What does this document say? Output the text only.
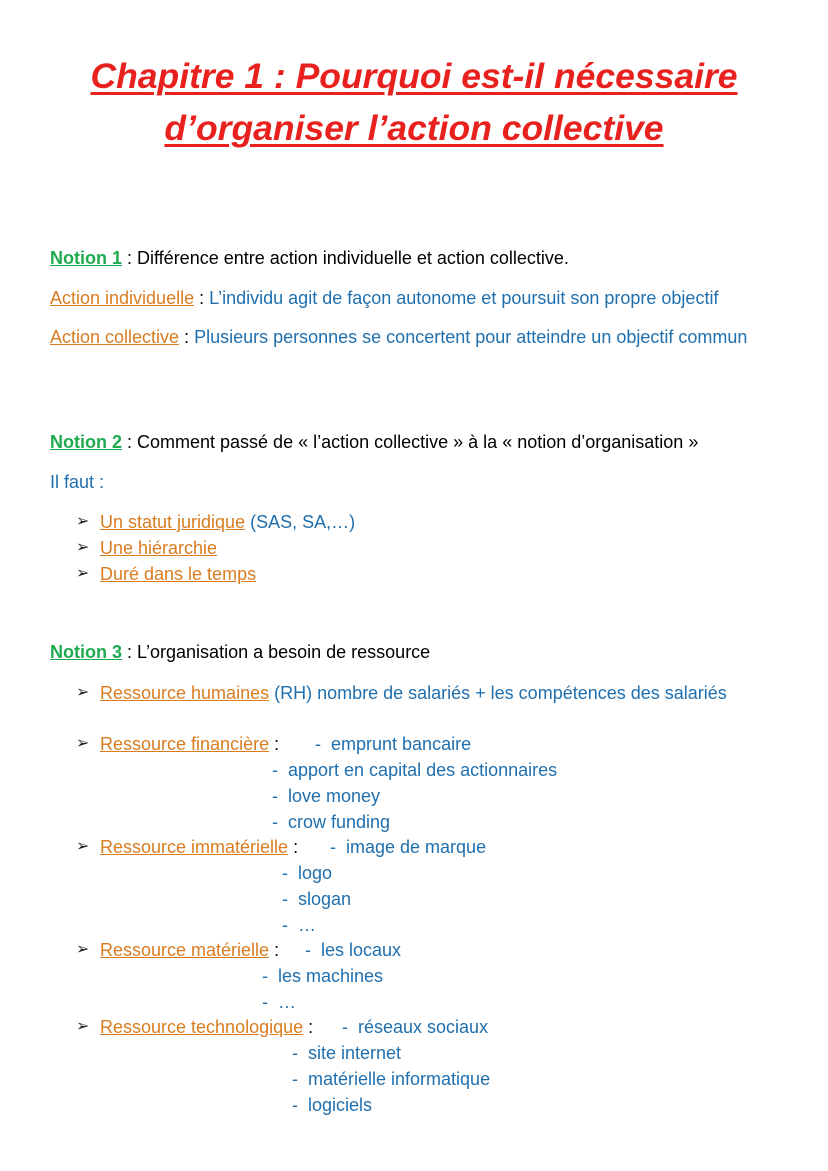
Chapitre 1 : Pourquoi est-il nécessaire
d’organiser l’action collective
Notion 1 : Différence entre action individuelle et action collective.
Action individuelle : L’individu agit de façon autonome et poursuit son propre objectif
Action collective : Plusieurs personnes se concertent pour atteindre un objectif commun
Notion 2 : Comment passé de « l’action collective » à la « notion d’organisation »
Il faut :
➢ Un statut juridique (SAS, SA,…)
➢ Une hiérarchie
➢ Duré dans le temps
Notion 3 : L’organisation a besoin de ressource
➢ Ressource humaines (RH) nombre de salariés + les compétences des salariés
➢ Ressource financière : -  emprunt bancaire
-  apport en capital des actionnaires
-  love money
-  crow funding
➢ Ressource immatérielle : -  image de marque
-  logo
-  slogan
-  …
➢ Ressource matérielle : -  les locaux
-  les machines
-  …
➢ Ressource technologique : -  réseaux sociaux
-  site internet
-  matérielle informatique
-  logiciels
